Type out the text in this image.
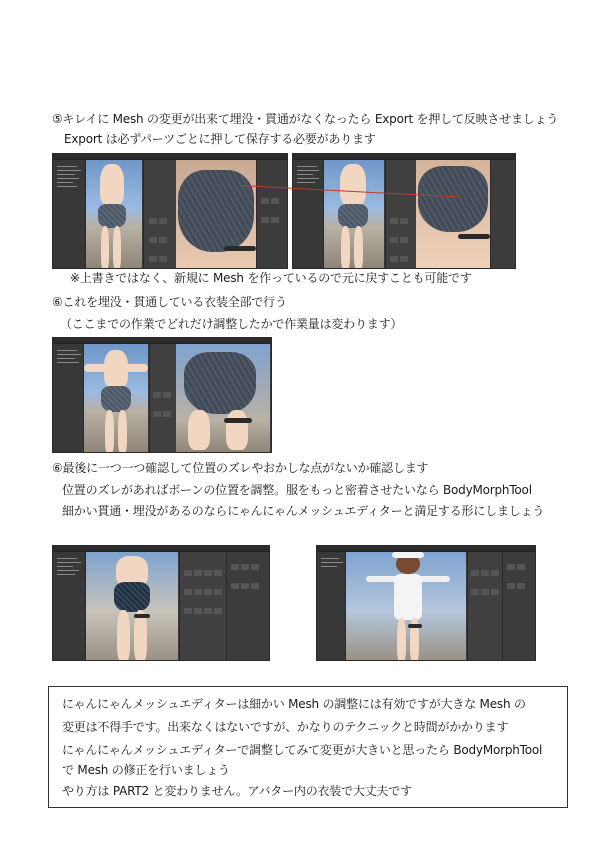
⑤キレイに Mesh の変更が出来て埋没・貫通がなくなったら Export を押して反映させましょう
Export は必ずパーツごとに押して保存する必要があります
※上書きではなく、新規に Mesh を作っているので元に戻すことも可能です
⑥これを埋没・貫通している衣装全部で行う
（ここまでの作業でどれだけ調整したかで作業量は変わります）
⑥最後に一つ一つ確認して位置のズレやおかしな点がないか確認します
位置のズレがあればボーンの位置を調整。服をもっと密着させたいなら BodyMorphTool
細かい貫通・埋没があるのならにゃんにゃんメッシュエディターと満足する形にしましょう
にゃんにゃんメッシュエディターは細かい Mesh の調整には有効ですが大きな Mesh の
変更は不得手です。出来なくはないですが、かなりのテクニックと時間がかかります
にゃんにゃんメッシュエディターで調整してみて変更が大きいと思ったら BodyMorphTool
で Mesh の修正を行いましょう
やり方は PART2 と変わりません。アバター内の衣装で大丈夫です
